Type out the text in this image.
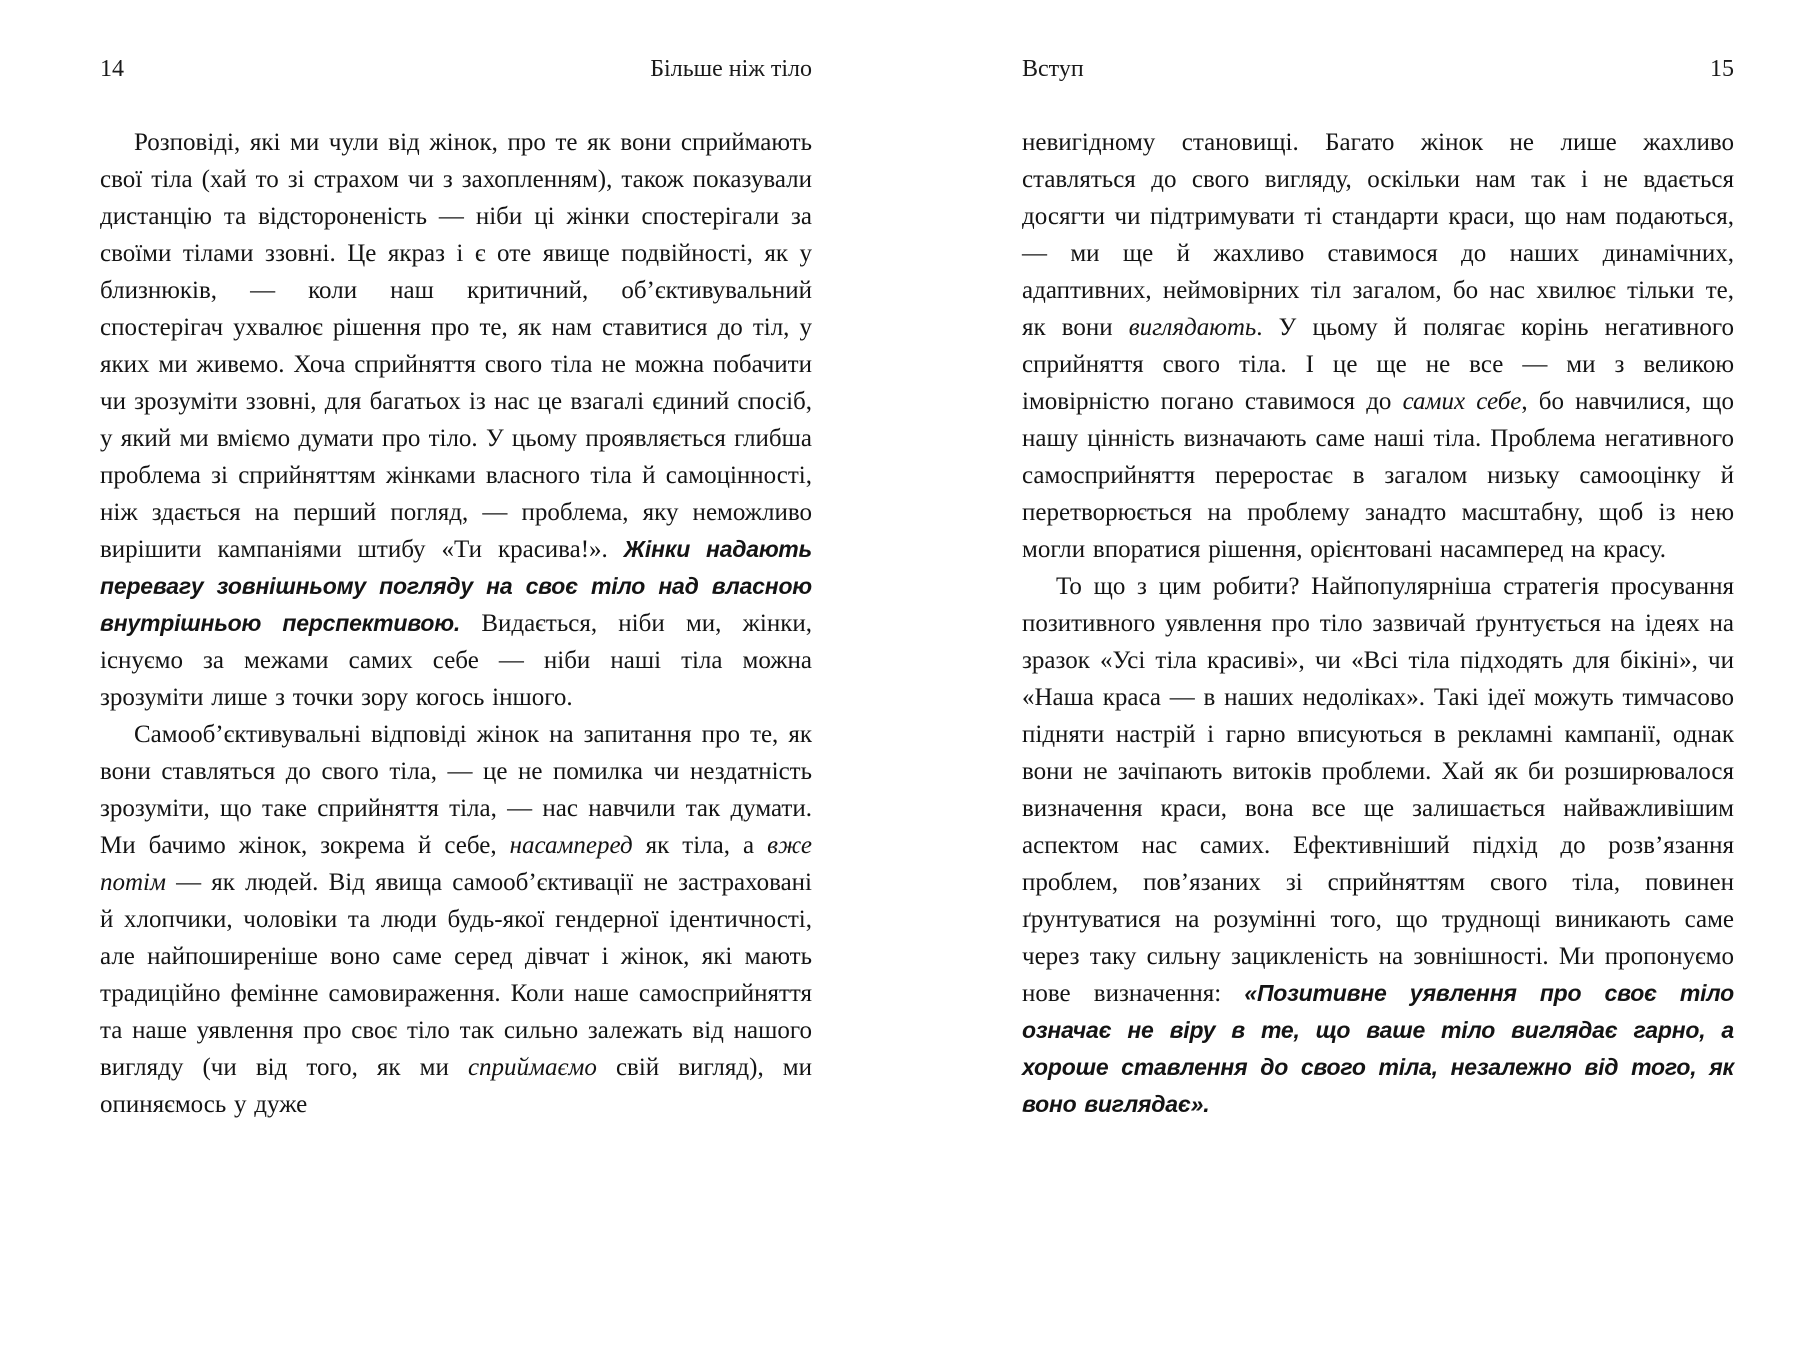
14	Більше ніж тіло

Розповіді, які ми чули від жінок, про те як вони сприймають свої тіла (хай то зі страхом чи з захопленням), також показували дистанцію та відстороненість — ніби ці жінки спостерігали за своїми тілами ззовні. Це якраз і є оте явище подвійності, як у близнюків, — коли наш критичний, об’єктивувальний спостерігач ухвалює рішення про те, як нам ставитися до тіл, у яких ми живемо. Хоча сприйняття свого тіла не можна побачити чи зрозуміти ззовні, для багатьох із нас це взагалі єдиний спосіб, у який ми вміємо думати про тіло. У цьому проявляється глибша проблема зі сприйняттям жінками власного тіла й самоцінності, ніж здається на перший погляд, — проблема, яку неможливо вирішити кампаніями штибу «Ти красива!». Жінки надають перевагу зовнішньому погляду на своє тіло над власною внутрішньою перспективою. Видається, ніби ми, жінки, існуємо за межами самих себе — ніби наші тіла можна зрозуміти лише з точки зору когось іншого.

Самооб’єктивувальні відповіді жінок на запитання про те, як вони ставляться до свого тіла, — це не помилка чи нездатність зрозуміти, що таке сприйняття тіла, — нас навчили так думати. Ми бачимо жінок, зокрема й себе, насамперед як тіла, а вже потім — як людей. Від явища самооб’єктивації не застраховані й хлопчики, чоловіки та люди будь-якої гендерної ідентичності, але найпоширеніше воно саме серед дівчат і жінок, які мають традиційно фемінне самовираження. Коли наше самосприйняття та наше уявлення про своє тіло так сильно залежать від нашого вигляду (чи від того, як ми сприймаємо свій вигляд), ми опиняємось у дуже

Вступ	15

невигідному становищі. Багато жінок не лише жахливо ставляться до свого вигляду, оскільки нам так і не вдається досягти чи підтримувати ті стандарти краси, що нам подаються, — ми ще й жахливо ставимося до наших динамічних, адаптивних, неймовірних тіл загалом, бо нас хвилює тільки те, як вони виглядають. У цьому й полягає корінь негативного сприйняття свого тіла. І це ще не все — ми з великою імовірністю погано ставимося до самих себе, бо навчилися, що нашу цінність визначають саме наші тіла. Проблема негативного самосприйняття переростає в загалом низьку самооцінку й перетворюється на проблему занадто масштабну, щоб із нею могли впоратися рішення, орієнтовані насамперед на красу.

То що з цим робити? Найпопулярніша стратегія просування позитивного уявлення про тіло зазвичай ґрунтується на ідеях на зразок «Усі тіла красиві», чи «Всі тіла підходять для бікіні», чи «Наша краса — в наших недоліках». Такі ідеї можуть тимчасово підняти настрій і гарно вписуються в рекламні кампанії, однак вони не зачіпають витоків проблеми. Хай як би розширювалося визначення краси, вона все ще залишається найважливішим аспектом нас самих. Ефективніший підхід до розв’язання проблем, пов’язаних зі сприйняттям свого тіла, повинен ґрунтуватися на розумінні того, що труднощі виникають саме через таку сильну зацикленість на зовнішності. Ми пропонуємо нове визначення: «Позитивне уявлення про своє тіло означає не віру в те, що ваше тіло виглядає гарно, а хороше ставлення до свого тіла, незалежно від того, як воно виглядає».
